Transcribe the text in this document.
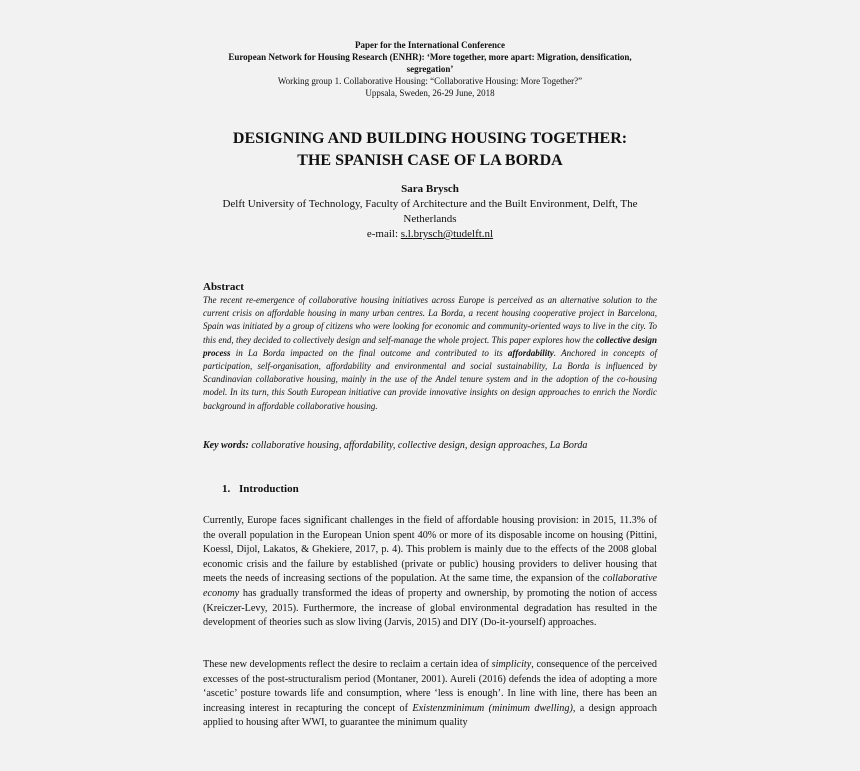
Paper for the International Conference
European Network for Housing Research (ENHR): ‘More together, more apart: Migration, densification,
segregation’
Working group 1. Collaborative Housing: “Collaborative Housing: More Together?”
Uppsala, Sweden, 26-29 June, 2018
DESIGNING AND BUILDING HOUSING TOGETHER:
THE SPANISH CASE OF LA BORDA
Sara Brysch
Delft University of Technology, Faculty of Architecture and the Built Environment, Delft, The Netherlands
e-mail: s.l.brysch@tudelft.nl
Abstract
The recent re-emergence of collaborative housing initiatives across Europe is perceived as an alternative solution to the current crisis on affordable housing in many urban centres. La Borda, a recent housing cooperative project in Barcelona, Spain was initiated by a group of citizens who were looking for economic and community-oriented ways to live in the city. To this end, they decided to collectively design and self-manage the whole project. This paper explores how the collective design process in La Borda impacted on the final outcome and contributed to its affordability. Anchored in concepts of participation, self-organisation, affordability and environmental and social sustainability, La Borda is influenced by Scandinavian collaborative housing, mainly in the use of the Andel tenure system and in the adoption of the co-housing model. In its turn, this South European initiative can provide innovative insights on design approaches to enrich the Nordic background in affordable collaborative housing.
Key words: collaborative housing, affordability, collective design, design approaches, La Borda
1. Introduction
Currently, Europe faces significant challenges in the field of affordable housing provision: in 2015, 11.3% of the overall population in the European Union spent 40% or more of its disposable income on housing (Pittini, Koessl, Dijol, Lakatos, & Ghekiere, 2017, p. 4). This problem is mainly due to the effects of the 2008 global economic crisis and the failure by established (private or public) housing providers to deliver housing that meets the needs of increasing sections of the population. At the same time, the expansion of the collaborative economy has gradually transformed the ideas of property and ownership, by promoting the notion of access (Kreiczer-Levy, 2015). Furthermore, the increase of global environmental degradation has resulted in the development of theories such as slow living (Jarvis, 2015) and DIY (Do-it-yourself) approaches.
These new developments reflect the desire to reclaim a certain idea of simplicity, consequence of the perceived excesses of the post-structuralism period (Montaner, 2001). Aureli (2016) defends the idea of adopting a more ‘ascetic’ posture towards life and consumption, where ‘less is enough’. In line with line, there has been an increasing interest in recapturing the concept of Existenzminimum (minimum dwelling), a design approach applied to housing after WWI, to guarantee the minimum quality
